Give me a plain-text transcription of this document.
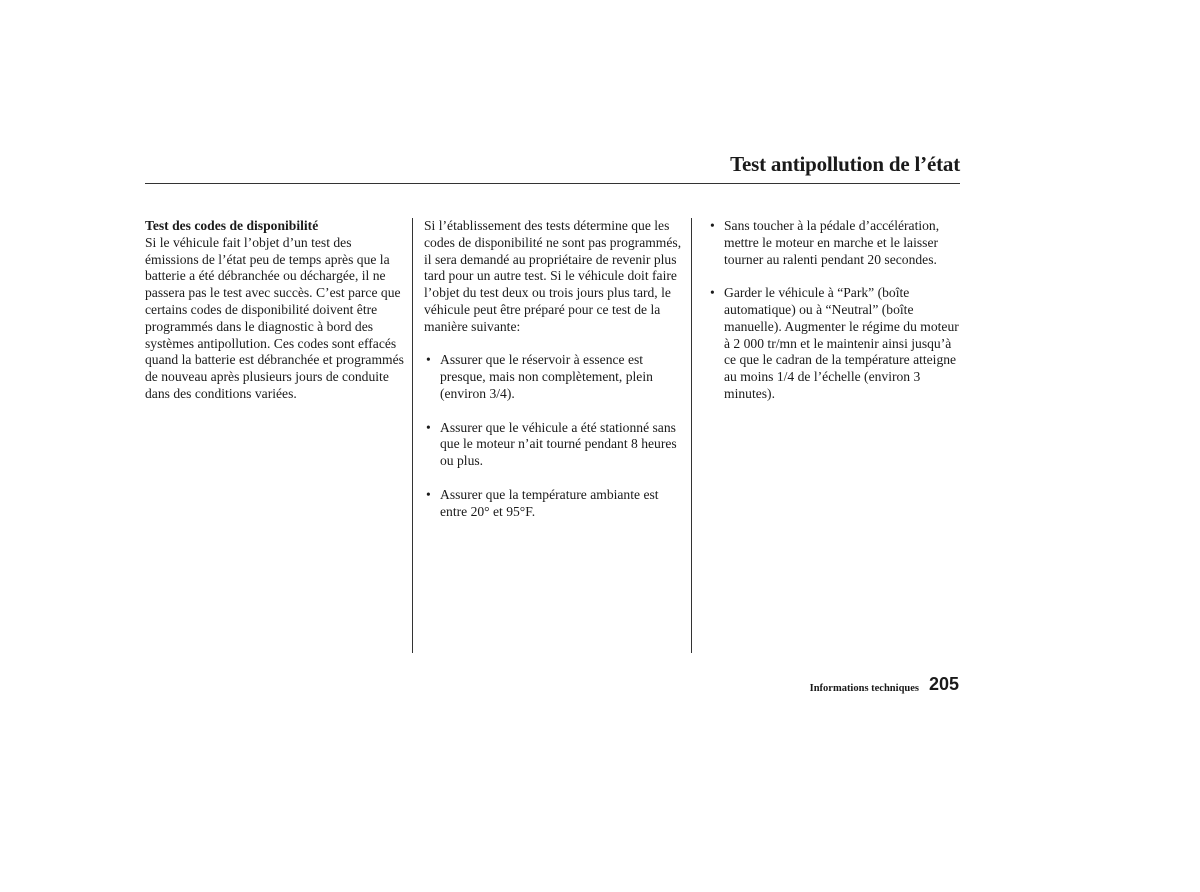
Test antipollution de l’état

Test des codes de disponibilité

Si le véhicule fait l’objet d’un test des émissions de l’état peu de temps après que la batterie a été débranchée ou déchargée, il ne passera pas le test avec succès. C’est parce que certains codes de disponibilité doivent être programmés dans le diagnostic à bord des systèmes antipollution. Ces codes sont effacés quand la batterie est débranchée et programmés de nouveau après plusieurs jours de conduite dans des conditions variées.

Si l’établissement des tests détermine que les codes de disponibilité ne sont pas programmés, il sera demandé au propriétaire de revenir plus tard pour un autre test. Si le véhicule doit faire l’objet du test deux ou trois jours plus tard, le véhicule peut être préparé pour ce test de la manière suivante:

• Assurer que le réservoir à essence est presque, mais non complètement, plein (environ 3/4).
• Assurer que le véhicule a été stationné sans que le moteur n’ait tourné pendant 8 heures ou plus.
• Assurer que la température ambiante est entre 20° et 95°F.
• Sans toucher à la pédale d’accélération, mettre le moteur en marche et le laisser tourner au ralenti pendant 20 secondes.
• Garder le véhicule à “Park” (boîte automatique) ou à “Neutral” (boîte manuelle). Augmenter le régime du moteur à 2 000 tr/mn et le maintenir ainsi jusqu’à ce que le cadran de la température atteigne au moins 1/4 de l’échelle (environ 3 minutes).
Informations techniques 205
